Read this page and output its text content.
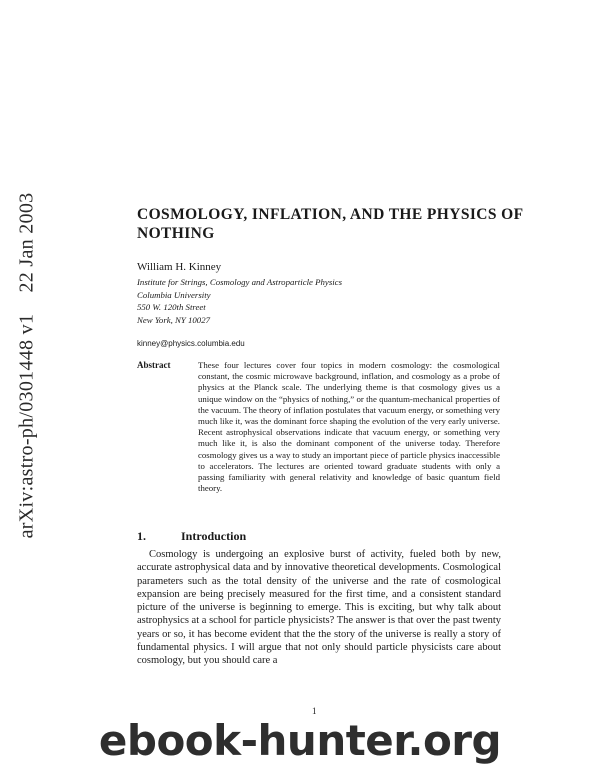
arXiv:astro-ph/0301448 v1    22 Jan 2003	COSMOLOGY, INFLATION, AND THE PHYSICS OF NOTHING
William H. Kinney
Institute for Strings, Cosmology and Astroparticle Physics
Columbia University
550 W. 120th Street
New York, NY 10027
kinney@physics.columbia.edu
Abstract	These four lectures cover four topics in modern cosmology: the cosmological constant, the cosmic microwave background, inflation, and cosmology as a probe of physics at the Planck scale. The underlying theme is that cosmology gives us a unique window on the “physics of nothing,” or the quantum-mechanical properties of the vacuum. The theory of inflation postulates that vacuum energy, or something very much like it, was the dominant force shaping the evolution of the very early universe. Recent astrophysical observations indicate that vacuum energy, or something very much like it, is also the dominant component of the universe today. Therefore cosmology gives us a way to study an important piece of particle physics inaccessible to accelerators. The lectures are oriented toward graduate students with only a passing familiarity with general relativity and knowledge of basic quantum field theory.

1.	Introduction

Cosmology is undergoing an explosive burst of activity, fueled both by new, accurate astrophysical data and by innovative theoretical developments. Cosmological parameters such as the total density of the universe and the rate of cosmological expansion are being precisely measured for the first time, and a consistent standard picture of the universe is beginning to emerge. This is exciting, but why talk about astrophysics at a school for particle physicists? The answer is that over the past twenty years or so, it has become evident that the the story of the universe is really a story of fundamental physics. I will argue that not only should particle physicists care about cosmology, but you should care a

1
ebook-hunter.org
